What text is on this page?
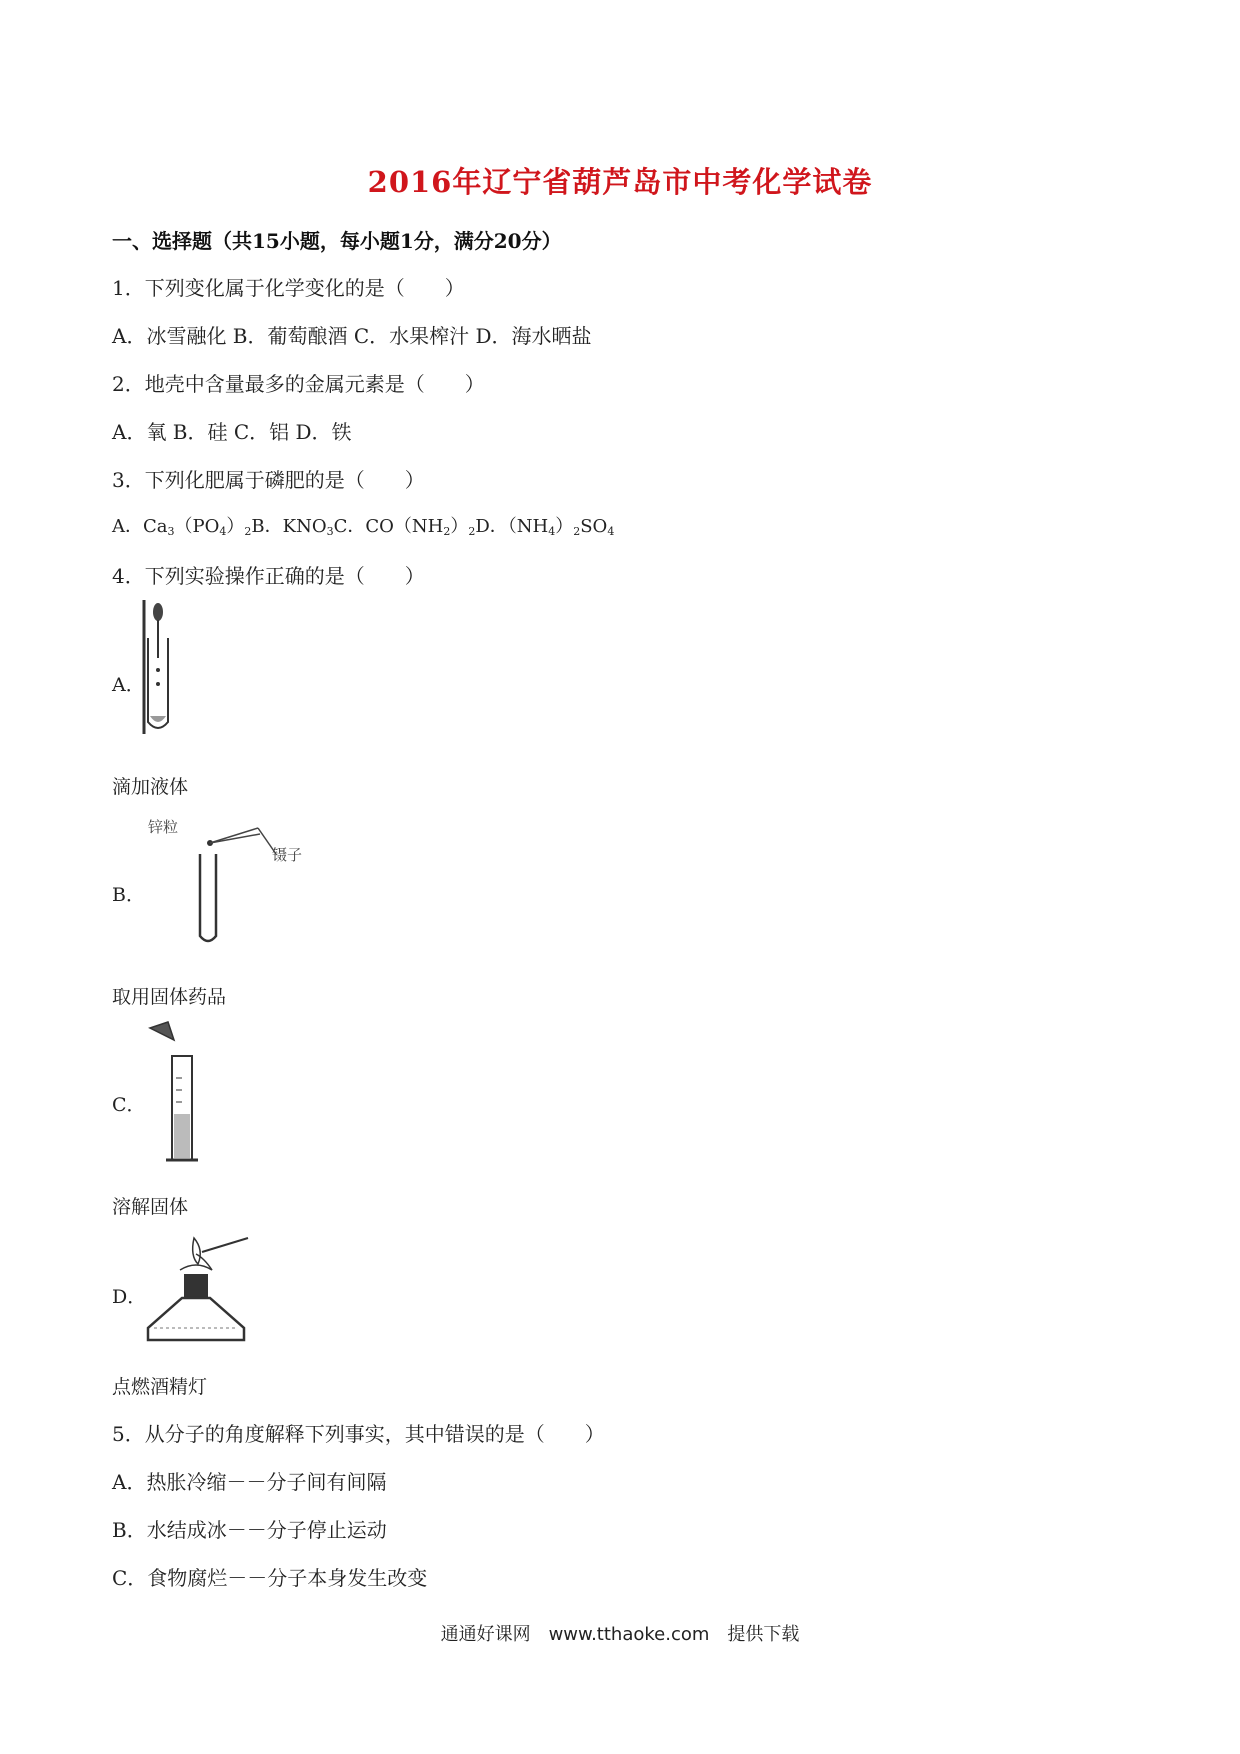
2016年辽宁省葫芦岛市中考化学试卷
一、选择题（共15小题，每小题1分，满分20分）
1．下列变化属于化学变化的是（　　）
A．冰雪融化 B．葡萄酿酒 C．水果榨汁 D．海水晒盐
2．地壳中含量最多的金属元素是（　　）
A．氧 B．硅 C．铝 D．铁
3．下列化肥属于磷肥的是（　　）
A．$Ca_3(PO_4)_2B$．$KNO_3C$．$CO(NH_2)_2D$．$(NH_4)_2SO_4$
4．下列实验操作正确的是（　　）
A．
滴加液体
B．
锌粒
镊子
取用固体药品
C．
溶解固体
D．
点燃酒精灯
5．从分子的角度解释下列事实，其中错误的是（　　）
A．热胀冷缩－－分子间有间隔
B．水结成冰－－分子停止运动
C．食物腐烂－－分子本身发生改变
通通好课网　www.tthaoke.com　提供下载
